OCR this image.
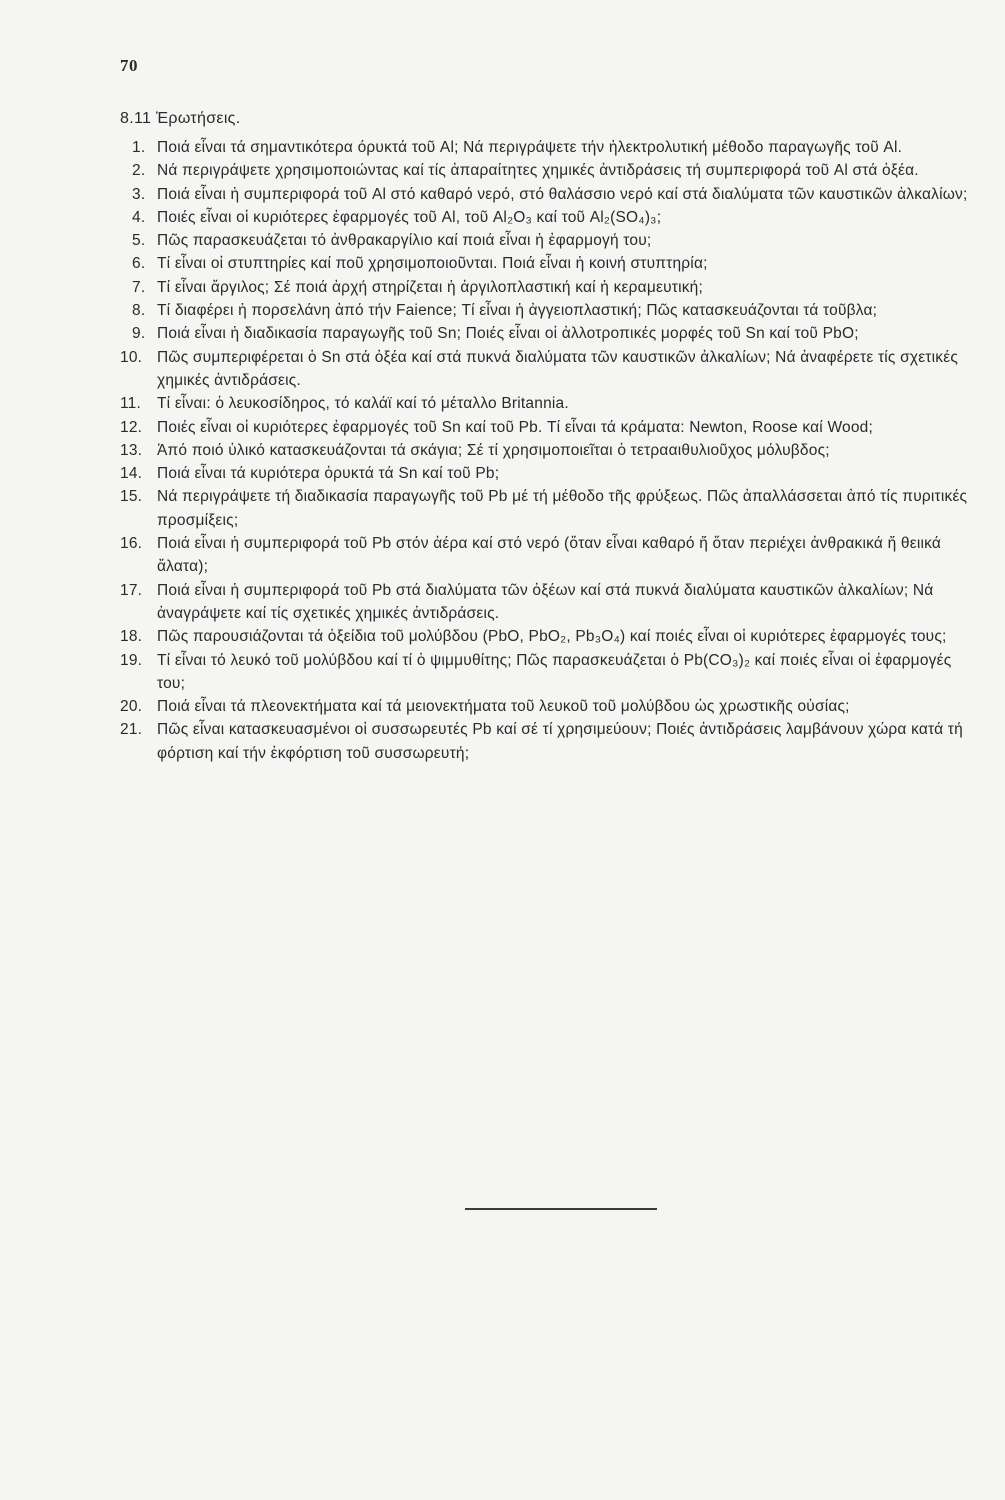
70
8.11 Ἐρωτήσεις.
1. Ποιά εἶναι τά σημαντικότερα όρυκτά τοῦ Al; Νά περιγράψετε τήν ἠλεκτρολυτική μέθοδο παραγωγῆς τοῦ Al.
2. Νά περιγράψετε χρησιμοποιώντας καί τίς ἀπαραίτητες χημικές ἀντιδράσεις τή συμπεριφορά τοῦ Al στά ὀξέα.
3. Ποιά εἶναι ἡ συμπεριφορά τοῦ Al στό καθαρό νερό, στό θαλάσσιο νερό καί στά διαλύματα τῶν καυστικῶν ἀλκαλίων;
4. Ποιές εἶναι οἱ κυριότερες ἐφαρμογές τοῦ Al, τοῦ Al₂O₃ καί τοῦ Al₂(SO₄)₃;
5. Πῶς παρασκευάζεται τό ἀνθρακαργίλιο καί ποιά εἶναι ἡ ἐφαρμογή του;
6. Τί εἶναι οἱ στυπτηρίες καί ποῦ χρησιμοποιοῦνται. Ποιά εἶναι ἡ κοινή στυπτηρία;
7. Τί εἶναι ἄργιλος; Σέ ποιά ἀρχή στηρίζεται ἡ ἀργιλοπλαστική καί ἡ κεραμευτική;
8. Τί διαφέρει ἡ πορσελάνη ἀπό τήν Faience; Τί εἶναι ἡ ἀγγειοπλαστική; Πῶς κατασκευάζονται τά τοῦβλα;
9. Ποιά εἶναι ἡ διαδικασία παραγωγῆς τοῦ Sn; Ποιές εἶναι οἱ ἀλλοτροπικές μορφές τοῦ Sn καί τοῦ PbO;
10. Πῶς συμπεριφέρεται ὁ Sn στά ὀξέα καί στά πυκνά διαλύματα τῶν καυστικῶν ἀλκαλίων; Νά ἀναφέρετε τίς σχετικές χημικές ἀντιδράσεις.
11. Τί εἶναι: ὁ λευκοσίδηρος, τό καλάϊ καί τό μέταλλο Britannia.
12. Ποιές εἶναι οἱ κυριότερες ἐφαρμογές τοῦ Sn καί τοῦ Pb. Τί εἶναι τά κράματα: Newton, Roose καί Wood;
13. Ἀπό ποιό ὑλικό κατασκευάζονται τά σκάγια; Σέ τί χρησιμοποιεῖται ὁ τετρααιθυλιοῦχος μόλυβδος;
14. Ποιά εἶναι τά κυριότερα ὀρυκτά τά Sn καί τοῦ Pb;
15. Νά περιγράψετε τή διαδικασία παραγωγῆς τοῦ Pb μέ τή μέθοδο τῆς φρύξεως. Πῶς ἀπαλλάσσεται ἀπό τίς πυριτικές προσμίξεις;
16. Ποιά εἶναι ἡ συμπεριφορά τοῦ Pb στόν ἀέρα καί στό νερό (ὅταν εἶναι καθαρό ἤ ὅταν περιέχει ἀνθρακικά ἤ θειικά ἄλατα);
17. Ποιά εἶναι ἡ συμπεριφορά τοῦ Pb στά διαλύματα τῶν ὀξέων καί στά πυκνά διαλύματα καυστικῶν ἀλκαλίων; Νά ἀναγράψετε καί τίς σχετικές χημικές ἀντιδράσεις.
18. Πῶς παρουσιάζονται τά ὀξείδια τοῦ μολύβδου (PbO, PbO₂, Pb₃O₄) καί ποιές εἶναι οἱ κυριότερες ἐφαρμογές τους;
19. Τί εἶναι τό λευκό τοῦ μολύβδου καί τί ὁ ψιμμυθίτης; Πῶς παρασκευάζεται ὁ Pb(CO₃)₂ καί ποιές εἶναι οἱ ἐφαρμογές του;
20. Ποιά εἶναι τά πλεονεκτήματα καί τά μειονεκτήματα τοῦ λευκοῦ τοῦ μολύβδου ὡς χρωστικῆς οὐσίας;
21. Πῶς εἶναι κατασκευασμένοι οἱ συσσωρευτές Pb καί σέ τί χρησιμεύουν; Ποιές ἀντιδράσεις λαμβάνουν χώρα κατά τή φόρτιση καί τήν ἐκφόρτιση τοῦ συσσωρευτή;
